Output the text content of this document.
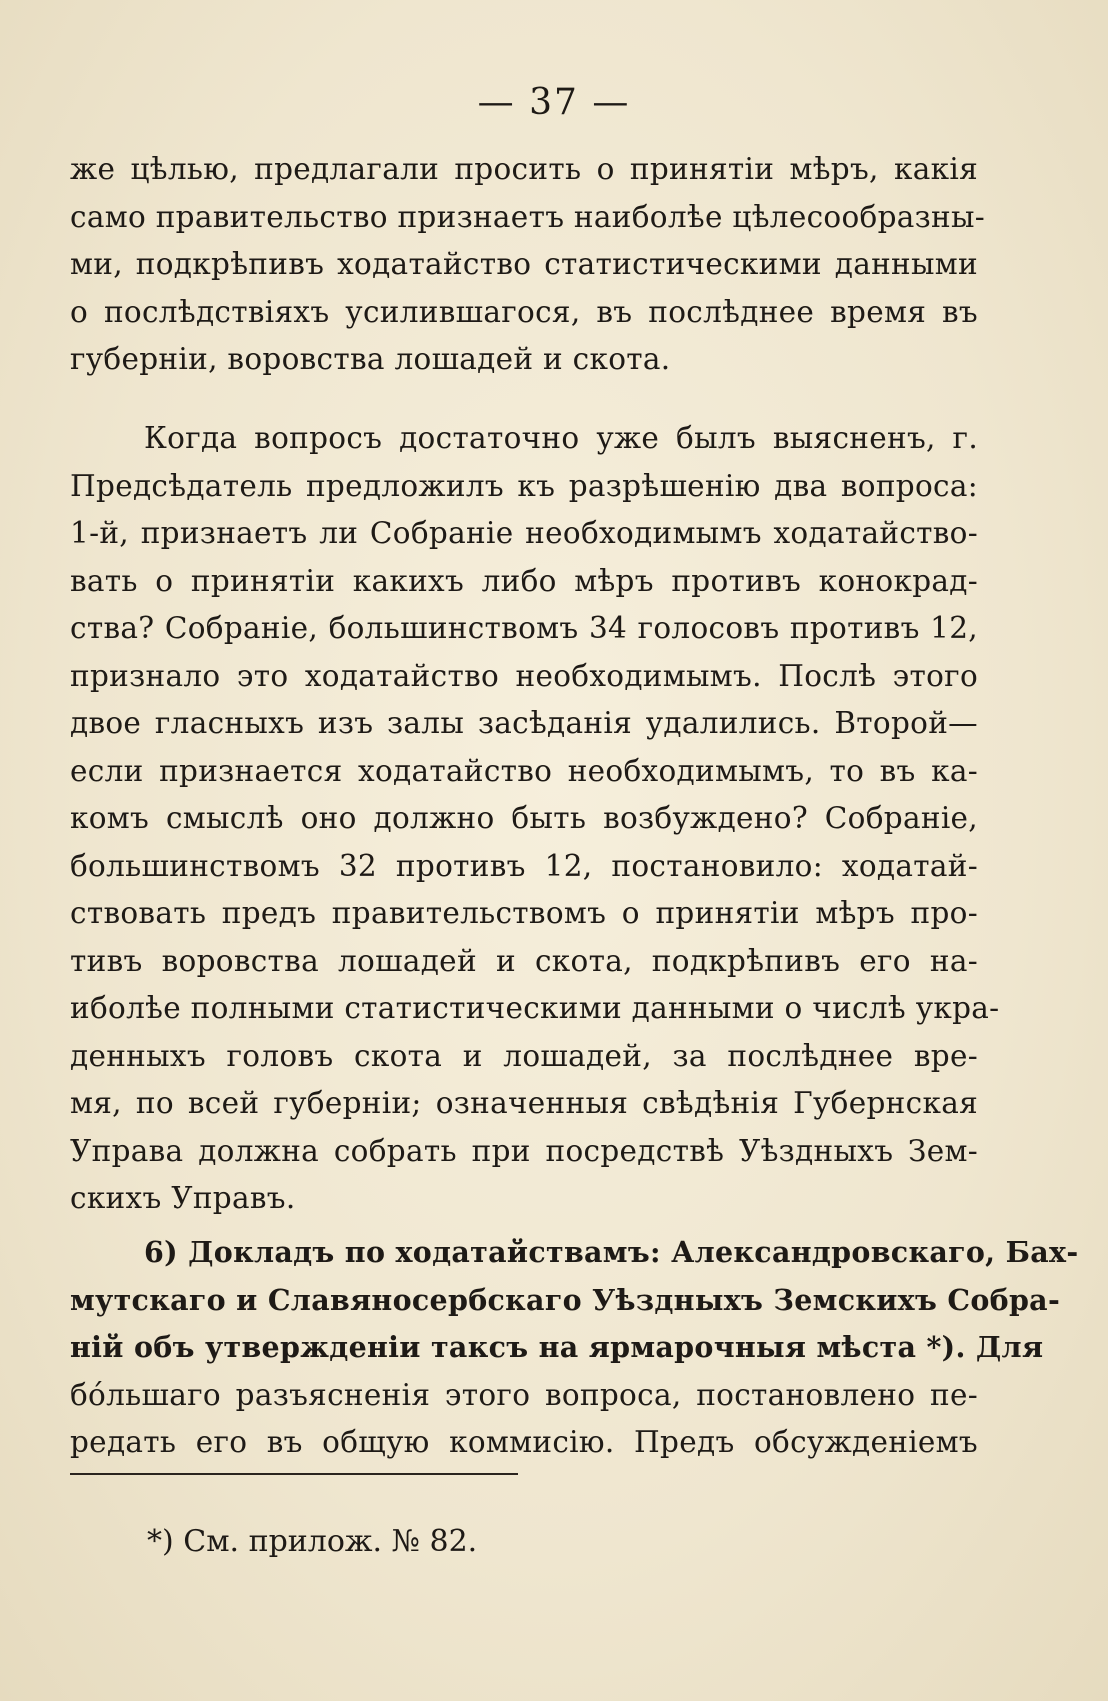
— 37 —
же цѣлью, предлагали просить о принятіи мѣръ, какія
само правительство признаетъ наиболѣе цѣлесообразны-
ми, подкрѣпивъ ходатайство статистическими данными
о послѣдствіяхъ усилившагося, въ послѣднее время въ
губерніи, воровства лошадей и скота.
Когда вопросъ достаточно уже былъ выясненъ, г.
Предсѣдатель предложилъ къ разрѣшенію два вопроса:
1-й, признаетъ ли Собраніе необходимымъ ходатайство-
вать о принятіи какихъ либо мѣръ противъ конокрад-
ства? Собраніе, большинствомъ 34 голосовъ противъ 12,
признало это ходатайство необходимымъ. Послѣ этого
двое гласныхъ изъ залы засѣданія удалились. Второй—
если признается ходатайство необходимымъ, то въ ка-
комъ смыслѣ оно должно быть возбуждено? Собраніе,
большинствомъ 32 противъ 12, постановило: ходатай-
ствовать предъ правительствомъ о принятіи мѣръ про-
тивъ воровства лошадей и скота, подкрѣпивъ его на-
иболѣе полными статистическими данными о числѣ укра-
денныхъ головъ скота и лошадей, за послѣднее вре-
мя, по всей губерніи; означенныя свѣдѣнія Губернская
Управа должна собрать при посредствѣ Уѣздныхъ Зем-
скихъ Управъ.
6) Докладъ по ходатайствамъ: Александровскаго, Бах-
мутскаго и Славяносербскаго Уѣздныхъ Земскихъ Собра-
ній объ утвержденіи таксъ на ярмарочныя мѣста *). Для
бóльшаго разъясненія этого вопроса, постановлено пе-
редать его въ общую коммисію. Предъ обсужденіемъ
*) См. прилож. № 82.
